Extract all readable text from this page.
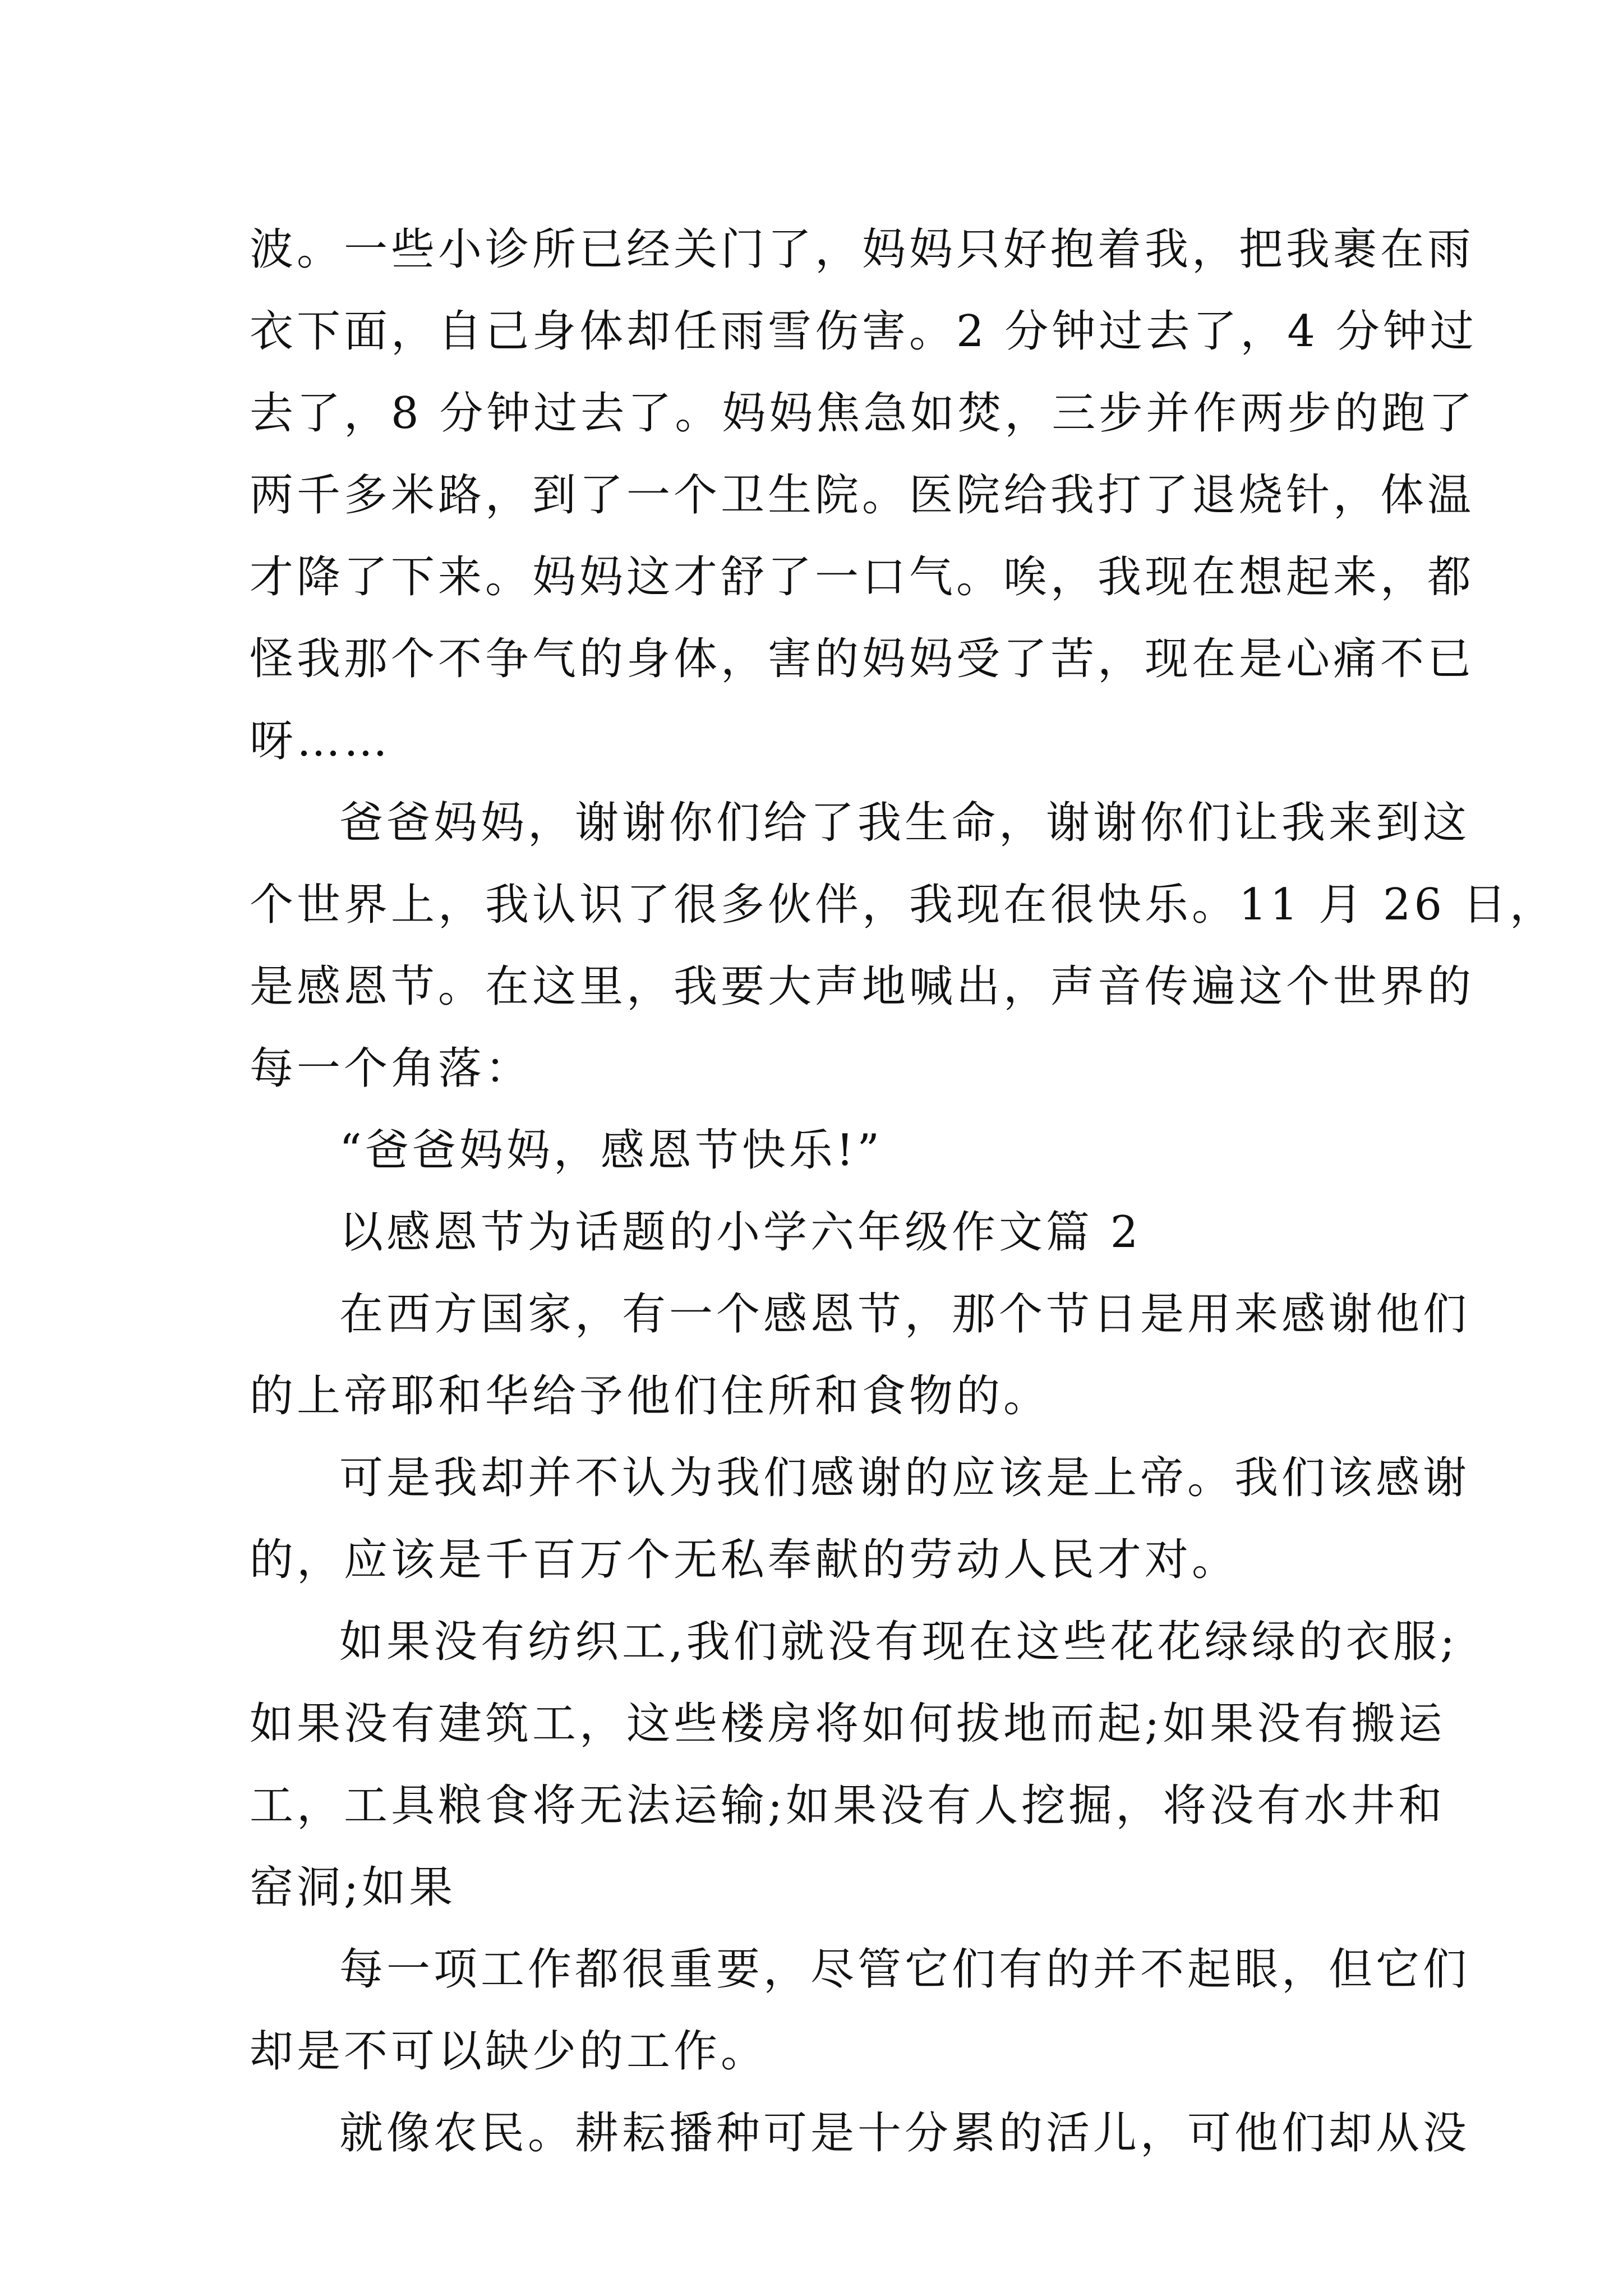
波。一些小诊所已经关门了，妈妈只好抱着我，把我裹在雨
衣下面，自己身体却任雨雪伤害。2 分钟过去了，4 分钟过
去了，8 分钟过去了。妈妈焦急如焚，三步并作两步的跑了
两千多米路，到了一个卫生院。医院给我打了退烧针，体温
才降了下来。妈妈这才舒了一口气。唉，我现在想起来，都
怪我那个不争气的身体，害的妈妈受了苦，现在是心痛不已
呀……
爸爸妈妈，谢谢你们给了我生命，谢谢你们让我来到这
个世界上，我认识了很多伙伴，我现在很快乐。11 月 26 日，
是感恩节。在这里，我要大声地喊出，声音传遍这个世界的
每一个角落：
“爸爸妈妈，感恩节快乐!”
以感恩节为话题的小学六年级作文篇 2
在西方国家，有一个感恩节，那个节日是用来感谢他们
的上帝耶和华给予他们住所和食物的。
可是我却并不认为我们感谢的应该是上帝。我们该感谢
的，应该是千百万个无私奉献的劳动人民才对。
如果没有纺织工,我们就没有现在这些花花绿绿的衣服;
如果没有建筑工，这些楼房将如何拔地而起;如果没有搬运
工，工具粮食将无法运输;如果没有人挖掘，将没有水井和
窑洞;如果
每一项工作都很重要，尽管它们有的并不起眼，但它们
却是不可以缺少的工作。
就像农民。耕耘播种可是十分累的活儿，可他们却从没
